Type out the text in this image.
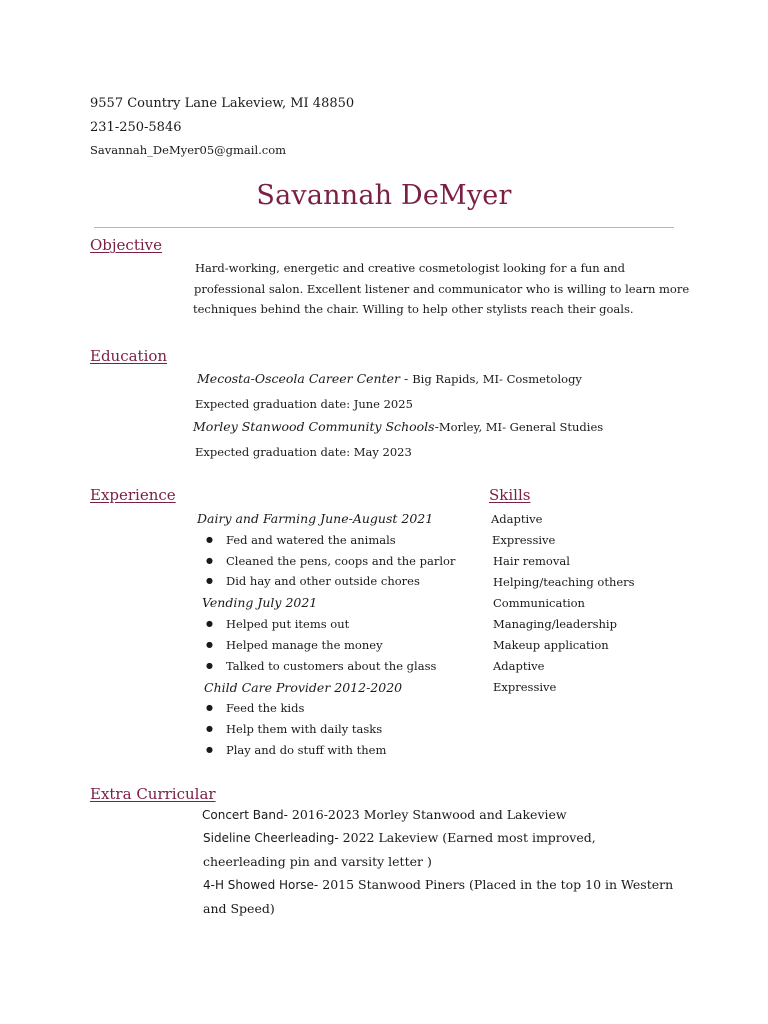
9557 Country Lane Lakeview, MI 48850
231-250-5846
Savannah_DeMyer05@gmail.com
Savannah DeMyer
Objective
Hard-working, energetic and creative cosmetologist looking for a fun and
professional salon. Excellent listener and communicator who is willing to learn more
techniques behind the chair. Willing to help other stylists reach their goals.
Education
Mecosta-Osceola Career Center - Big Rapids, MI- Cosmetology
Expected graduation date: June 2025
Morley Stanwood Community Schools-Morley, MI- General Studies
Expected graduation date: May 2023
Experience
Dairy and Farming June-August 2021
● Fed and watered the animals
● Cleaned the pens, coops and the parlor
● Did hay and other outside chores
Vending July 2021
● Helped put items out
● Helped manage the money
● Talked to customers about the glass
Child Care Provider 2012-2020
● Feed the kids
● Help them with daily tasks
● Play and do stuff with them
Skills
Adaptive
Expressive
Hair removal
Helping/teaching others
Communication
Managing/leadership
Makeup application
Adaptive
Expressive
Extra Curricular
Concert Band- 2016-2023 Morley Stanwood and Lakeview
Sideline Cheerleading- 2022 Lakeview (Earned most improved,
cheerleading pin and varsity letter )
4-H Showed Horse- 2015 Stanwood Piners (Placed in the top 10 in Western
and Speed)
